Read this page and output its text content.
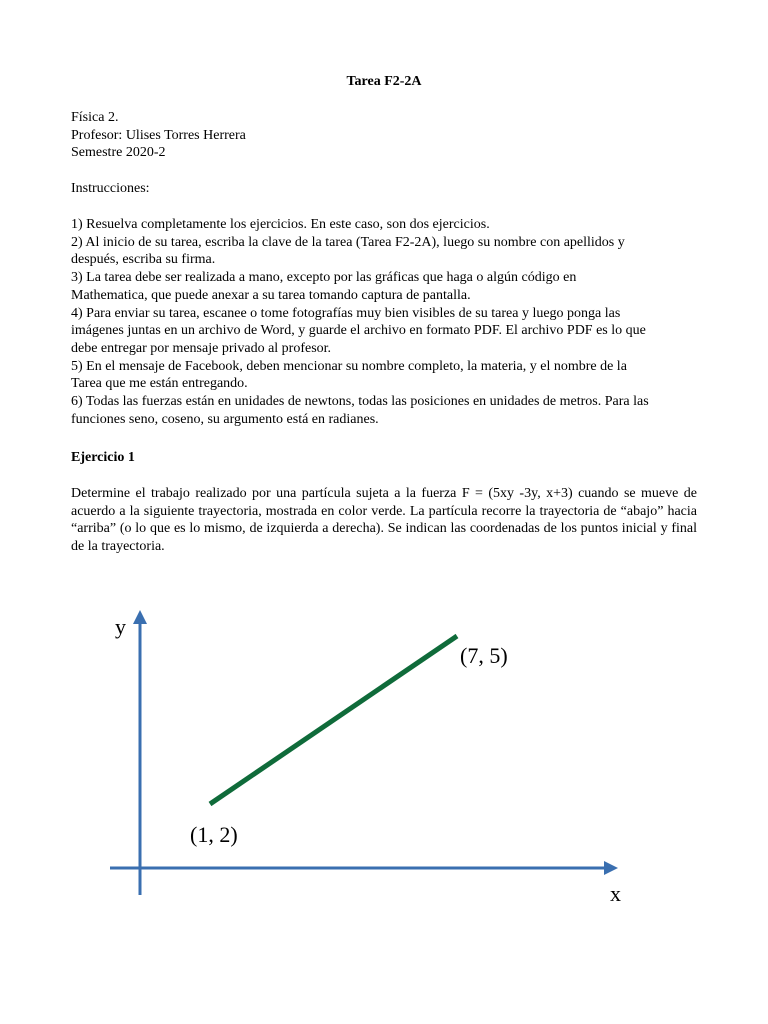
Tarea F2-2A
Física 2.
Profesor: Ulises Torres Herrera
Semestre 2020-2
Instrucciones:
1) Resuelva completamente los ejercicios. En este caso, son dos ejercicios.
2) Al inicio de su tarea, escriba la clave de la tarea (Tarea F2-2A), luego su nombre con apellidos y
después, escriba su firma.
3) La tarea debe ser realizada a mano, excepto por las gráficas que haga o algún código en
Mathematica, que puede anexar a su tarea tomando captura de pantalla.
4) Para enviar su tarea, escanee o tome fotografías muy bien visibles de su tarea y luego ponga las
imágenes juntas en un archivo de Word, y guarde el archivo en formato PDF. El archivo PDF es lo que
debe entregar por mensaje privado al profesor.
5) En el mensaje de Facebook, deben mencionar su nombre completo, la materia, y el nombre de la
Tarea que me están entregando.
6) Todas las fuerzas están en unidades de newtons, todas las posiciones en unidades de metros. Para las
funciones seno, coseno, su argumento está en radianes.
Ejercicio 1
Determine el trabajo realizado por una partícula sujeta a la fuerza F = (5xy -3y, x+3) cuando se mueve de acuerdo a la siguiente trayectoria, mostrada en color verde. La partícula recorre la trayectoria de “abajo” hacia “arriba” (o lo que es lo mismo, de izquierda a derecha). Se indican las coordenadas de los puntos inicial y final de la trayectoria.
y
x
(7, 5)
(1, 2)
